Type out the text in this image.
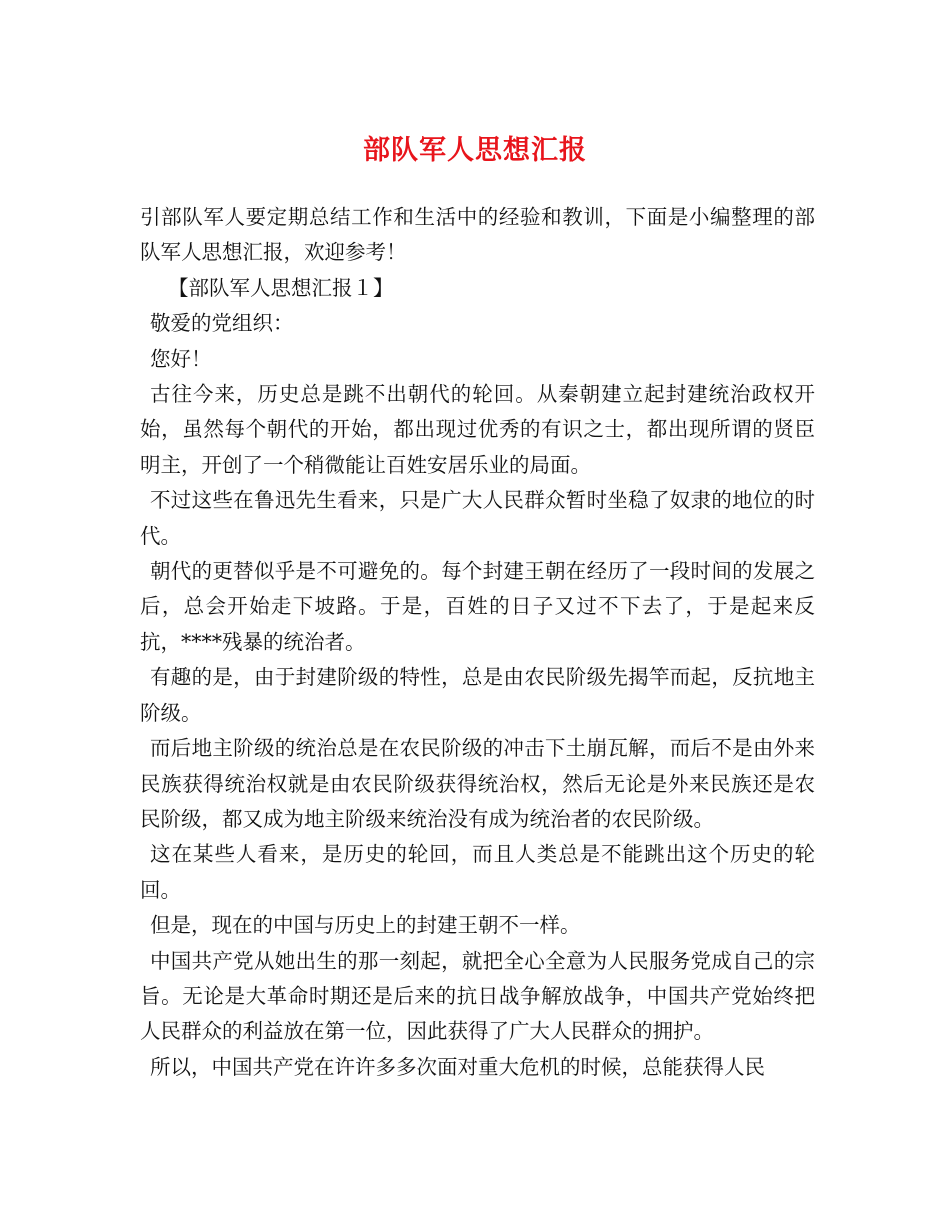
部队军人思想汇报

引部队军人要定期总结工作和生活中的经验和教训，下面是小编整理的部队军人思想汇报，欢迎参考！

【部队军人思想汇报１】

敬爱的党组织：

您好！

古往今来，历史总是跳不出朝代的轮回。从秦朝建立起封建统治政权开始，虽然每个朝代的开始，都出现过优秀的有识之士，都出现所谓的贤臣明主，开创了一个稍微能让百姓安居乐业的局面。

不过这些在鲁迅先生看来，只是广大人民群众暂时坐稳了奴隶的地位的时代。

朝代的更替似乎是不可避免的。每个封建王朝在经历了一段时间的发展之后，总会开始走下坡路。于是，百姓的日子又过不下去了，于是起来反抗，****残暴的统治者。

有趣的是，由于封建阶级的特性，总是由农民阶级先揭竿而起，反抗地主阶级。

而后地主阶级的统治总是在农民阶级的冲击下土崩瓦解，而后不是由外来民族获得统治权就是由农民阶级获得统治权，然后无论是外来民族还是农民阶级，都又成为地主阶级来统治没有成为统治者的农民阶级。

这在某些人看来，是历史的轮回，而且人类总是不能跳出这个历史的轮回。

但是，现在的中国与历史上的封建王朝不一样。

中国共产党从她出生的那一刻起，就把全心全意为人民服务党成自己的宗旨。无论是大革命时期还是后来的抗日战争解放战争，中国共产党始终把人民群众的利益放在第一位，因此获得了广大人民群众的拥护。

所以，中国共产党在许许多多次面对重大危机的时候，总能获得人民
